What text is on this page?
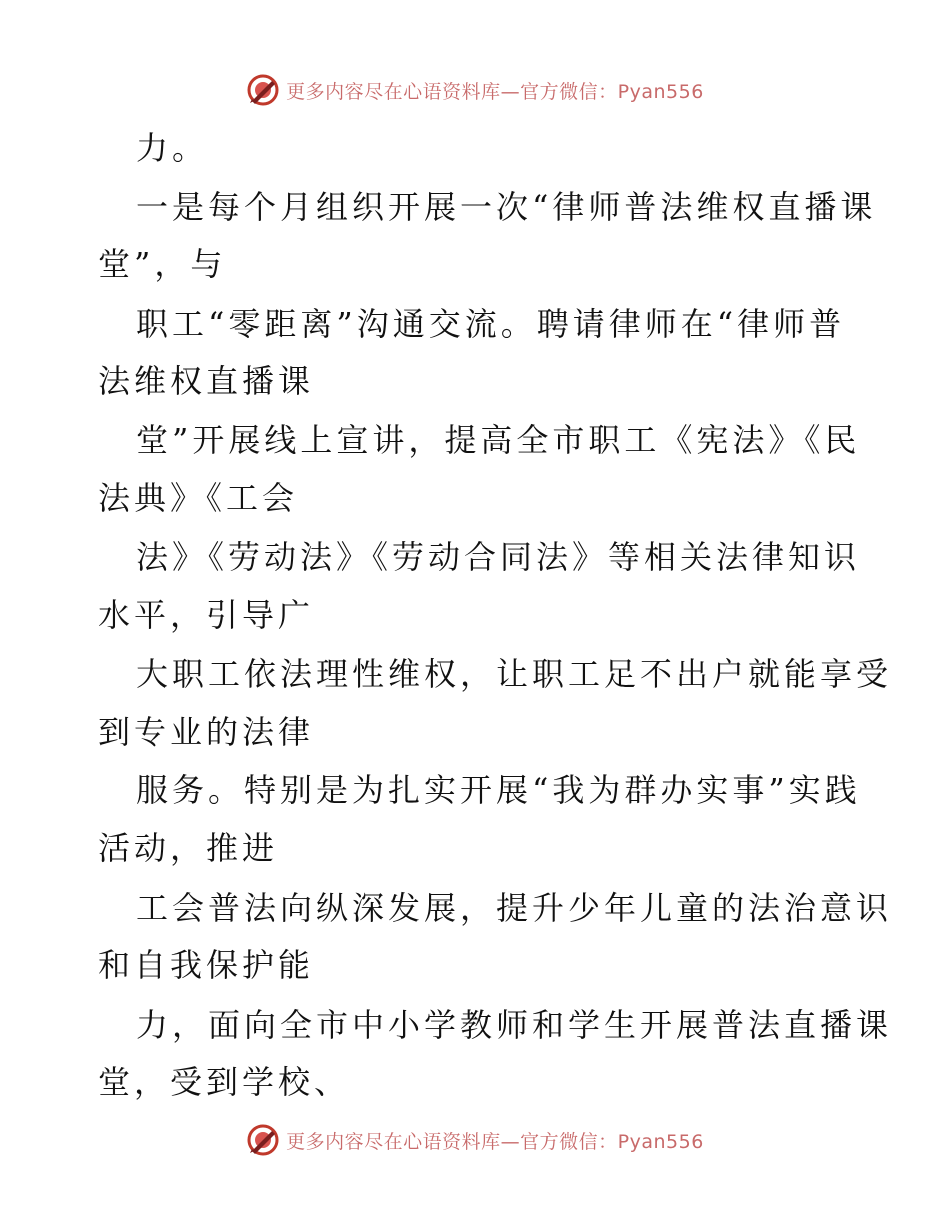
更多内容尽在心语资料库—官方微信：Pyan556
力。
一是每个月组织开展一次“律师普法维权直播课
堂”，与
职工“零距离”沟通交流。聘请律师在“律师普
法维权直播课
堂”开展线上宣讲，提高全市职工《宪法》《民
法典》《工会
法》《劳动法》《劳动合同法》等相关法律知识
水平，引导广
大职工依法理性维权，让职工足不出户就能享受
到专业的法律
服务。特别是为扎实开展“我为群办实事”实践
活动，推进
工会普法向纵深发展，提升少年儿童的法治意识
和自我保护能
力，面向全市中小学教师和学生开展普法直播课
堂，受到学校、
更多内容尽在心语资料库—官方微信：Pyan556
